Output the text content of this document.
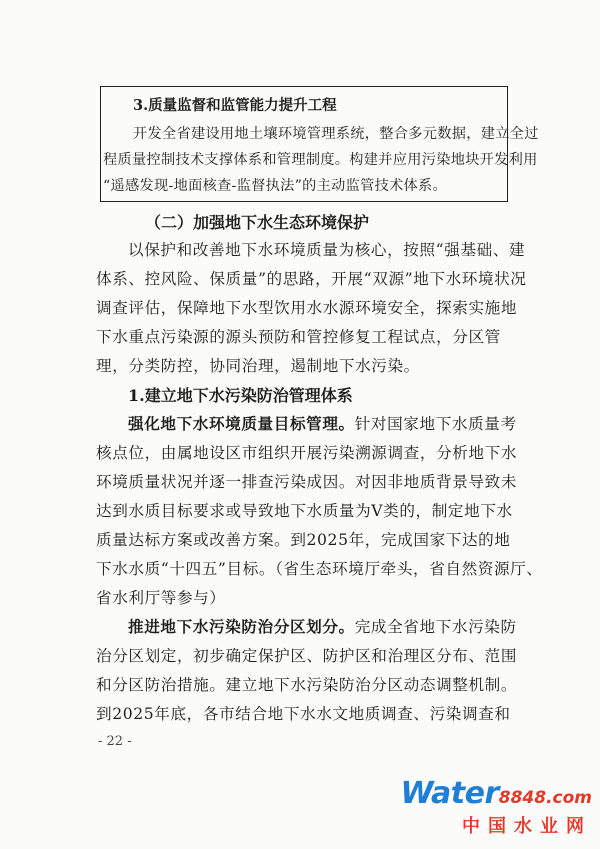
3.质量监督和监管能力提升工程
开发全省建设用地土壤环境管理系统，整合多元数据，建立全过
程质量控制技术支撑体系和管理制度。构建并应用污染地块开发利用
“遥感发现-地面核查-监督执法”的主动监管技术体系。
（二）加强地下水生态环境保护
以保护和改善地下水环境质量为核心，按照“强基础、建
体系、控风险、保质量”的思路，开展“双源”地下水环境状况
调查评估，保障地下水型饮用水水源环境安全，探索实施地
下水重点污染源的源头预防和管控修复工程试点，分区管
理，分类防控，协同治理，遏制地下水污染。
1.建立地下水污染防治管理体系
强化地下水环境质量目标管理。针对国家地下水质量考
核点位，由属地设区市组织开展污染溯源调查，分析地下水
环境质量状况并逐一排查污染成因。对因非地质背景导致未
达到水质目标要求或导致地下水质量为V类的，制定地下水
质量达标方案或改善方案。到2025年，完成国家下达的地
下水水质“十四五”目标。（省生态环境厅牵头，省自然资源厅、
省水利厅等参与）
推进地下水污染防治分区划分。完成全省地下水污染防
治分区划定，初步确定保护区、防护区和治理区分布、范围
和分区防治措施。建立地下水污染防治分区动态调整机制。
到2025年底，各市结合地下水水文地质调查、污染调查和
- 22 -
Water8848.com
中国水业网
